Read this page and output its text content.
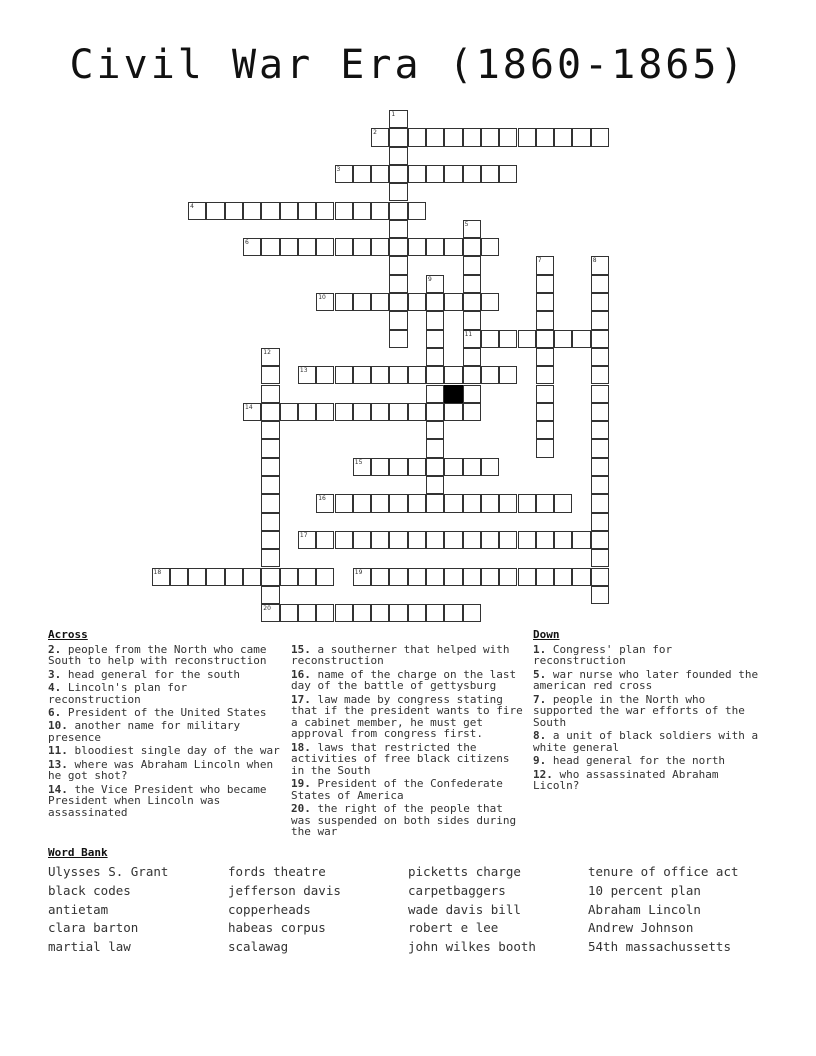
Civil War Era (1860-1865)
1
2
3
4
5
6
7	8
9
10
11
12
13
14
15
16
17
18	19
20
Across
2. people from the North who came South to help with reconstruction
3. head general for the south
4. Lincoln's plan for reconstruction
6. President of the United States
10. another name for military presence
11. bloodiest single day of the war
13. where was Abraham Lincoln when he got shot?
14. the Vice President who became President when Lincoln was assassinated
15. a southerner that helped with reconstruction
16. name of the charge on the last day of the battle of gettysburg
17. law made by congress stating that if the president wants to fire a cabinet member, he must get approval from congress first.
18. laws that restricted the activities of free black citizens in the South
19. President of the Confederate States of America
20. the right of the people that was suspended on both sides during the war
Down
1. Congress' plan for reconstruction
5. war nurse who later founded the american red cross
7. people in the North who supported the war efforts of the South
8. a unit of black soldiers with a white general
9. head general for the north
12. who assassinated Abraham Licoln?
Word Bank
Ulysses S. Grant	fords theatre	picketts charge	tenure of office act
black codes	jefferson davis	carpetbaggers	10 percent plan
antietam	copperheads	wade davis bill	Abraham Lincoln
clara barton	habeas corpus	robert e lee	Andrew Johnson
martial law	scalawag	john wilkes booth	54th massachussetts
